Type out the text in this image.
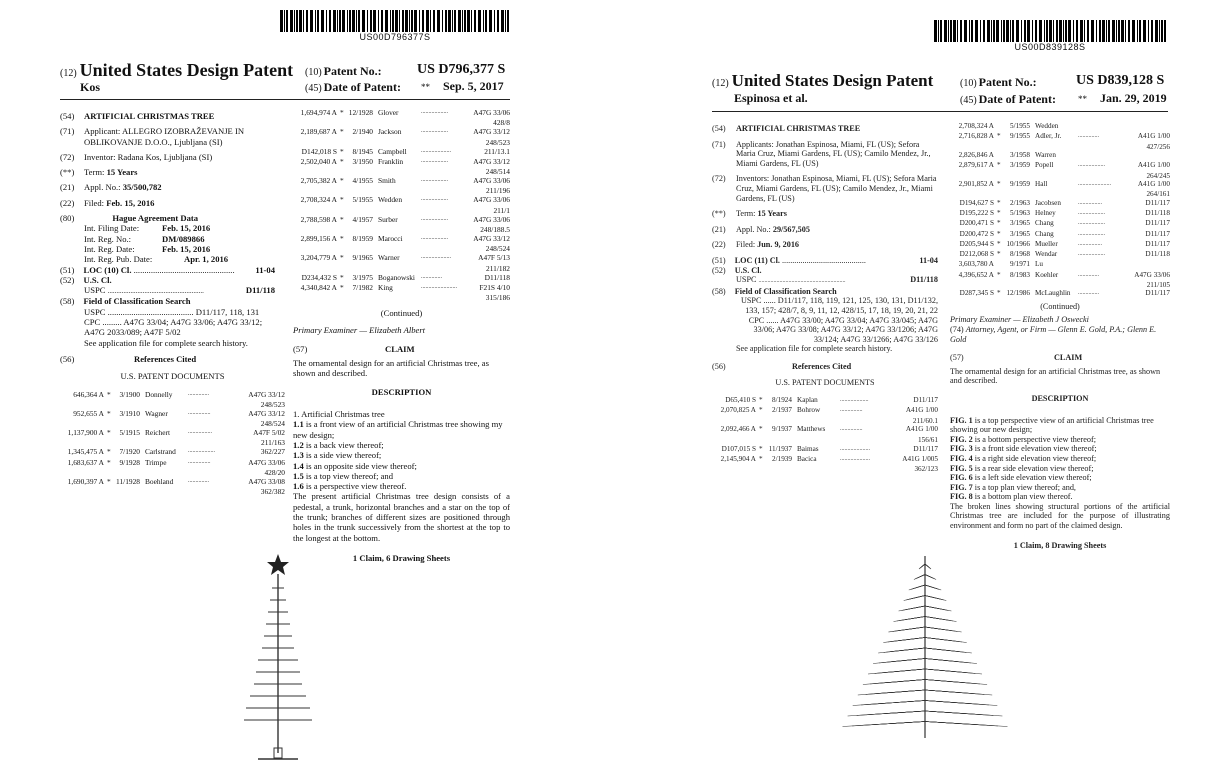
US00D796377S
(12) United States Design Patent
Kos
(10) Patent No.:	US D796,377 S
(45) Date of Patent: ** Sep. 5, 2017
(54) ARTIFICIAL CHRISTMAS TREE
(71) Applicant: ALLEGRO IZOBRAŽEVANJE IN OBLIKOVANJE D.O.O., Ljubljana (SI)
(72) Inventor: Radana Kos, Ljubljana (SI)
(**) Term: 15 Years
(21) Appl. No.: 35/500,782
(22) Filed: Feb. 15, 2016
(80)	Hague Agreement Data
Int. Filing Date:	Feb. 15, 2016
Int. Reg. No.:	DM/089866
Int. Reg. Date:	Feb. 15, 2016
Int. Reg. Pub. Date:	Apr. 1, 2016
(51) LOC (10) Cl. ............................................... 11-04
(52) U.S. Cl.
USPC .......................................................	D11/118
(58) Field of Classification Search
USPC ........................................ D11/117, 118, 131
CPC ......... A47G 33/04; A47G 33/06; A47G 33/12; A47G 2033/089; A47F 5/02
See application file for complete search history.
(56)	References Cited
U.S. PATENT DOCUMENTS
646,364 A *	3/1900 Donnelly	..............	A47G 33/12
248/523
952,655 A *	3/1910 Wagner	...............	A47G 33/12
248/524
1,137,900 A *	5/1915 Reichert	................	A47F 5/02
211/163
1,345,475 A *	7/1920 Carlstrand ..................	362/227
1,683,637 A *	9/1928 Trimpe	...............	A47G 33/06
428/20
1,690,397 A * 11/1928 Boehland ..............	A47G 33/08
362/382
1,694,974 A * 12/1928 Glover	..................	A47G 33/06
428/8
2,189,687 A *	2/1940 Jackson	..................	A47G 33/12
248/523
D142,018 S *	8/1945 Campbell ....................	211/13.1
2,502,040 A *	3/1950 Franklin	..................	A47G 33/12
248/514
2,705,382 A *	4/1955 Smith	..................	A47G 33/06
211/196
2,708,324 A *	5/1955 Wedden	..................	A47G 33/06
211/1
2,788,598 A *	4/1957 Surber	..................	A47G 33/06
248/188.5
2,899,156 A *	8/1959 Marocci	..................	A47G 33/12
248/524
3,204,779 A *	9/1965 Warner	....................	A47F 5/13
211/182
D234,432 S *	3/1975 Boganowski ..............	D11/118
4,340,842 A *	7/1982 King	........................	F21S 4/10
315/186
(Continued)
Primary Examiner — Elizabeth Albert
(57)	CLAIM
The ornamental design for an artificial Christmas tree, as shown and described.
DESCRIPTION
1. Artificial Christmas tree

1.1 is a front view of an artificial Christmas tree showing my new design;

1.2 is a back view thereof;

1.3 is a side view thereof;

1.4 is an opposite side view thereof;

1.5 is a top view thereof; and

1.6 is a perspective view thereof.

The present artificial Christmas tree design consists of a pedestal, a trunk, horizontal branches and a star on the top of the trunk; branches of different sizes are positioned through holes in the trunk successively from the shortest at the top to the longest at the bottom.
1 Claim, 6 Drawing Sheets
US00D839128S
(12) United States Design Patent
Espinosa et al.
(10) Patent No.:	US D839,128 S
(45) Date of Patent: ** Jan. 29, 2019
(54) ARTIFICIAL CHRISTMAS TREE
(71) Applicants: Jonathan Espinosa, Miami, FL (US); Sefora Maria Cruz, Miami Gardens, FL (US); Camilo Mendez, Jr., Miami Gardens, FL (US)
(72) Inventors: Jonathan Espinosa, Miami, FL (US); Sefora Maria Cruz, Miami Gardens, FL (US); Camilo Mendez, Jr., Miami Gardens, FL (US)
(**) Term: 15 Years
(21) Appl. No.: 29/567,505
(22) Filed: Jun. 9, 2016
(51) LOC (11) Cl. .........................................	11-04
(52) U.S. Cl.
USPC ..........................................................	D11/118
(58) Field of Classification Search
USPC ...... D11/117, 118, 119, 121, 125, 130, 131, D11/132, 133, 157; 428/7, 8, 9, 11, 12, 428/15, 17, 18, 19, 20, 21, 22
CPC ...... A47G 33/00; A47G 33/04; A47G 33/045; A47G 33/06; A47G 33/08; A47G 33/12; A47G 33/1206; A47G 33/124; A47G 33/1266; A47G 33/126
See application file for complete search history.
(56)	References Cited
U.S. PATENT DOCUMENTS
D65,410 S *	8/1924 Kaplan	...................	D11/117
2,070,825 A *	2/1937 Bohrow	...............	A41G 1/00
211/60.1
2,092,466 A *	9/1937 Matthews ...............	A41G 1/00
156/61
D107,015 S * 11/1937 Baimas	....................	D11/117
2,145,904 A *	2/1939 Bacica	....................	A41G 1/005
362/123
2,708,324 A	5/1955 Wedden
2,716,828 A *	9/1955 Adler, Jr.	..............	A41G 1/00
427/256
2,826,846 A	3/1958 Warren
2,879,617 A *	3/1959 Popell	..................	A41G 1/00
264/245
2,901,852 A *	9/1959 Hall	......................	A41G 1/00
264/161
D194,627 S *	2/1963 Jacobsen	................	D11/117
D195,222 S *	5/1963 Helney	..................	D11/118
D200,471 S *	3/1965 Chang	..................	D11/117
D200,472 S *	3/1965 Chang	..................	D11/117
D205,944 S * 10/1966 Mueller	................	D11/117
D212,068 S *	8/1968 Wendar	..................	D11/118
3,603,780 A	9/1971 Lu
4,396,652 A *	8/1983 Koehler	..............	A47G 33/06
211/105
D287,345 S * 12/1986 McLaughlin ..............	D11/117
(Continued)
Primary Examiner — Elizabeth J Oswecki
(74) Attorney, Agent, or Firm — Glenn E. Gold, P.A.; Glenn E. Gold
(57)	CLAIM
The ornamental design for an artificial Christmas tree, as shown and described.
DESCRIPTION

FIG. 1 is a top perspective view of an artificial Christmas tree showing our new design;

FIG. 2 is a bottom perspective view thereof;

FIG. 3 is a front side elevation view thereof;

FIG. 4 is a right side elevation view thereof;

FIG. 5 is a rear side elevation view thereof;

FIG. 6 is a left side elevation view thereof;

FIG. 7 is a top plan view thereof; and,

FIG. 8 is a bottom plan view thereof.

The broken lines showing structural portions of the artificial Christmas tree are included for the purpose of illustrating environment and form no part of the claimed design.
1 Claim, 8 Drawing Sheets
